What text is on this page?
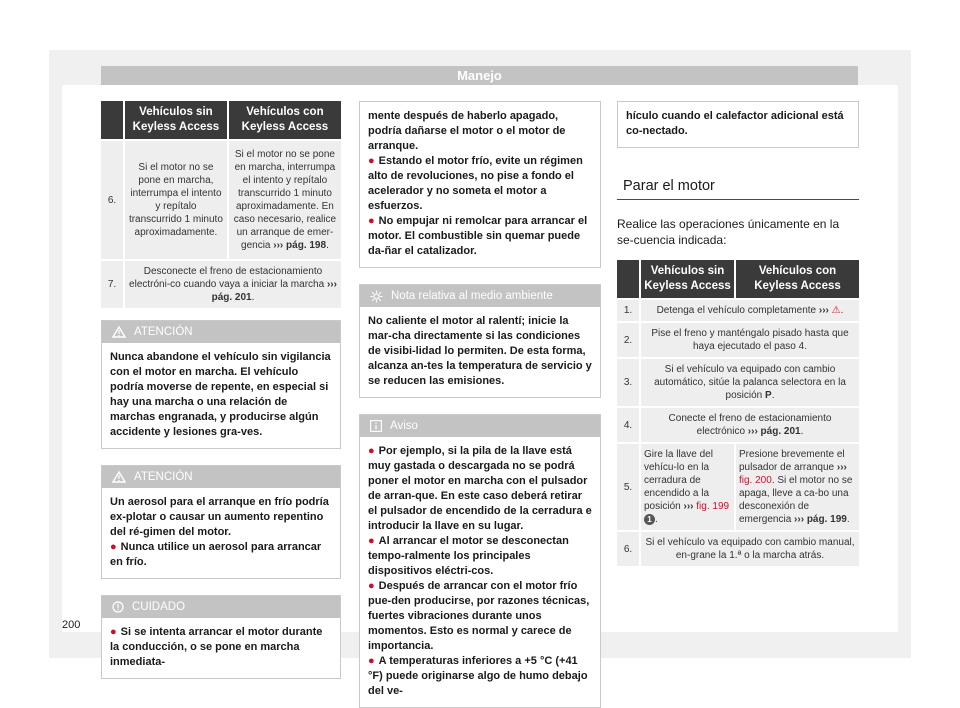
Manejo
	Vehículos sin Keyless Access	Vehículos con Keyless Access
6.	Si el motor no se pone en marcha, interrumpa el intento y repítalo transcurrido 1 minuto aproximadamente.	Si el motor no se pone en marcha, interrumpa el intento y repítalo transcurrido 1 minuto aproximadamente. En caso necesario, realice un arranque de emer-gencia ››› pág. 198.
7.	Desconecte el freno de estacionamiento electróni-co cuando vaya a iniciar la marcha ››› pág. 201.	
ATENCIÓN

Nunca abandone el vehículo sin vigilancia con el motor en marcha. El vehículo podría moverse de repente, en especial si hay una marcha o una relación de marchas engranada, y producirse algún accidente y lesiones gra-ves.

ATENCIÓN

Un aerosol para el arranque en frío podría ex-plotar o causar un aumento repentino del ré-gimen del motor.

● Nunca utilice un aerosol para arrancar en frío.

CUIDADO

● Si se intenta arrancar el motor durante la conducción, o se pone en marcha inmediata-

mente después de haberlo apagado, podría dañarse el motor o el motor de arranque.

● Estando el motor frío, evite un régimen alto de revoluciones, no pise a fondo el acelerador y no someta el motor a esfuerzos.

● No empujar ni remolcar para arrancar el motor. El combustible sin quemar puede da-ñar el catalizador.

Nota relativa al medio ambiente

No caliente el motor al ralentí; inicie la mar-cha directamente si las condiciones de visibi-lidad lo permiten. De esta forma, alcanza an-tes la temperatura de servicio y se reducen las emisiones.

Aviso

● Por ejemplo, si la pila de la llave está muy gastada o descargada no se podrá poner el motor en marcha con el pulsador de arran-que. En este caso deberá retirar el pulsador de encendido de la cerradura e introducir la llave en su lugar.

● Al arrancar el motor se desconectan tempo-ralmente los principales dispositivos eléctri-cos.

● Después de arrancar con el motor frío pue-den producirse, por razones técnicas, fuertes vibraciones durante unos momentos. Esto es normal y carece de importancia.

● A temperaturas inferiores a +5 °C (+41 °F) puede originarse algo de humo debajo del ve-

hículo cuando el calefactor adicional está co-nectado.

Parar el motor

Realice las operaciones únicamente en la se-cuencia indicada:

	Vehículos sin Keyless Access	Vehículos con Keyless Access
1.	Detenga el vehículo completamente ››› ⚠.	
2.	Pise el freno y manténgalo pisado hasta que haya ejecutado el paso 4.	
3.	Si el vehículo va equipado con cambio automático, sitúe la palanca selectora en la posición P.	
4.	Conecte el freno de estacionamiento electrónico ››› pág. 201.	
5.	Gire la llave del vehícu-lo en la cerradura de encendido a la posición ››› fig. 199 1 .	Presione brevemente el pulsador de arranque ››› fig. 200. Si el motor no se apaga, lleve a ca-bo una desconexión de emergencia ››› pág. 199.
6.	Si el vehículo va equipado con cambio manual, en-grane la 1.ª o la marcha atrás.	
200
